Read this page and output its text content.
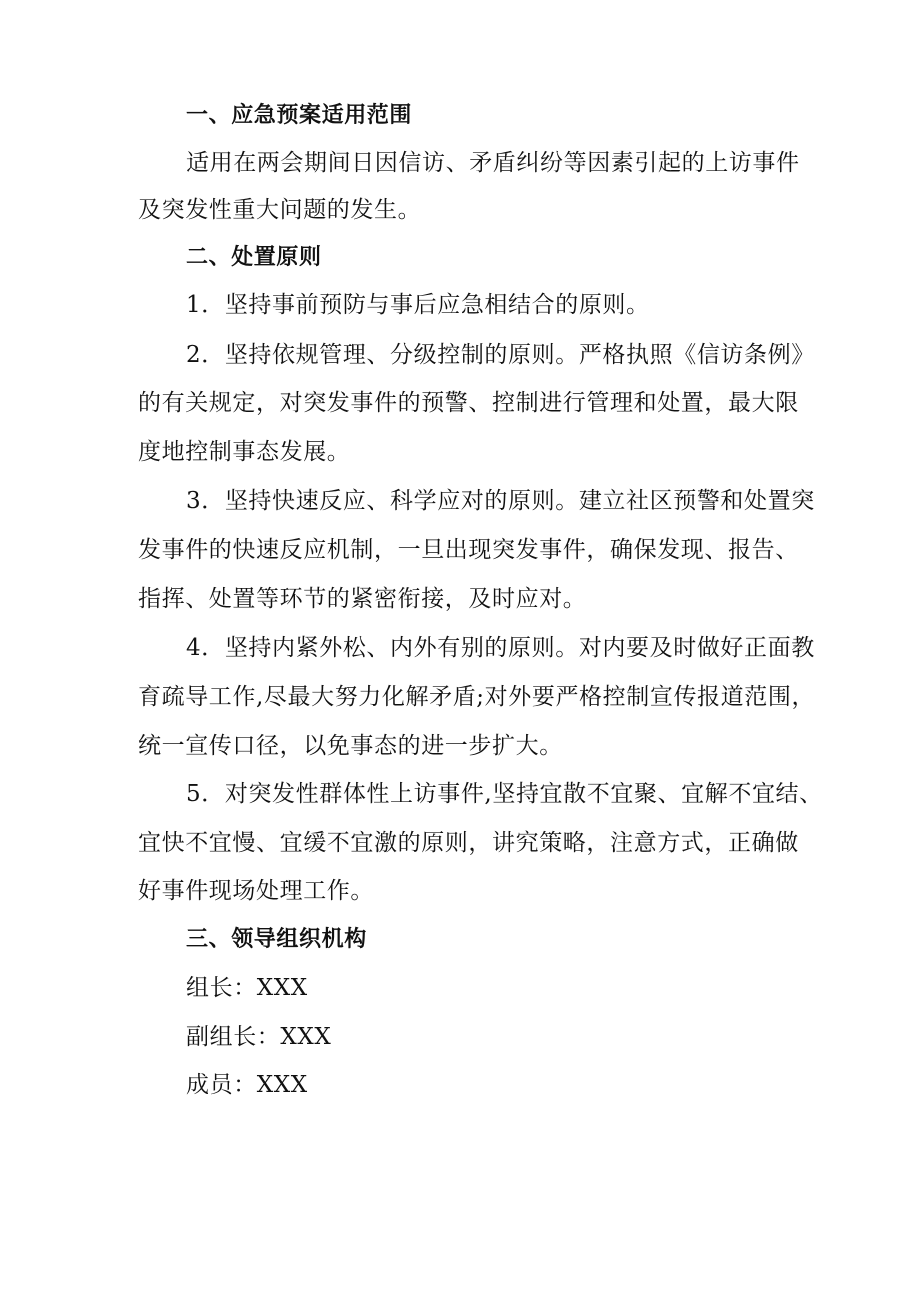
一、应急预案适用范围
适用在两会期间日因信访、矛盾纠纷等因素引起的上访事件
及突发性重大问题的发生。
二、处置原则
1．坚持事前预防与事后应急相结合的原则。
2．坚持依规管理、分级控制的原则。严格执照《信访条例》
的有关规定，对突发事件的预警、控制进行管理和处置，最大限
度地控制事态发展。
3．坚持快速反应、科学应对的原则。建立社区预警和处置突
发事件的快速反应机制，一旦出现突发事件，确保发现、报告、
指挥、处置等环节的紧密衔接，及时应对。
4．坚持内紧外松、内外有别的原则。对内要及时做好正面教
育疏导工作,尽最大努力化解矛盾;对外要严格控制宣传报道范围，
统一宣传口径，以免事态的进一步扩大。
5．对突发性群体性上访事件,坚持宜散不宜聚、宜解不宜结、
宜快不宜慢、宜缓不宜激的原则，讲究策略，注意方式，正确做
好事件现场处理工作。
三、领导组织机构
组长：XXX
副组长：XXX
成员：XXX
